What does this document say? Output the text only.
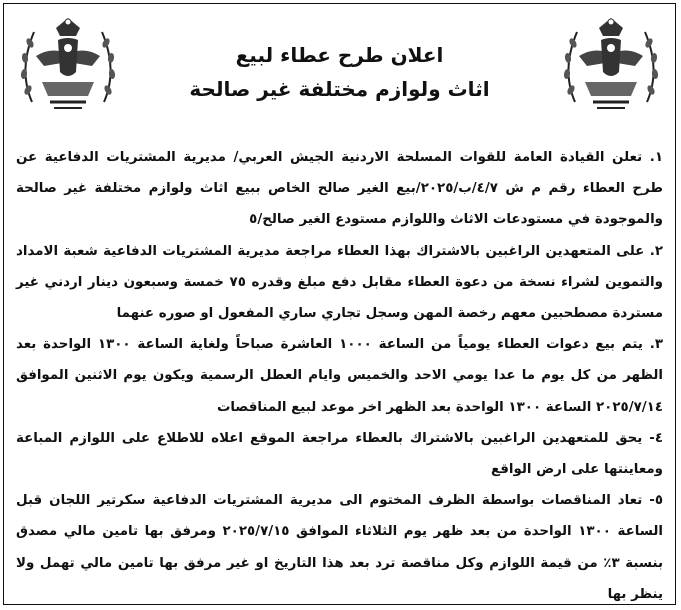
اعلان طرح عطاء لبيع
اثاث ولوازم مختلفة غير صالحة

١. تعلن القيادة العامة للقوات المسلحة الاردنية الجيش العربي/ مديرية المشتريات الدفاعية عن طرح العطاء رقم م ش ٤/٧/ب/٢٠٢٥/بيع الغير صالح الخاص ببيع اثاث ولوازم مختلفة غير صالحة والموجودة في مستودعات الاثاث واللوازم مستودع الغير صالح/٥

٢. على المتعهدين الراغبين بالاشتراك بهذا العطاء مراجعة مديرية المشتريات الدفاعية شعبة الامداد والتموين لشراء نسخة من دعوة العطاء مقابل دفع مبلغ وقدره ٧٥ خمسة وسبعون دينار اردني غير مستردة مصطحبين معهم رخصة المهن وسجل تجاري ساري المفعول او صوره عنهما

٣. يتم بيع دعوات العطاء يومياً من الساعة ١٠٠٠ العاشرة صباحاً ولغاية الساعة ١٣٠٠ الواحدة بعد الظهر من كل يوم ما عدا يومي الاحد والخميس وايام العطل الرسمية ويكون يوم الاثنين الموافق ٢٠٢٥/٧/١٤ الساعة ١٣٠٠ الواحدة بعد الظهر اخر موعد لبيع المناقصات

٤- يحق للمتعهدين الراغبين بالاشتراك بالعطاء مراجعة الموقع اعلاه للاطلاع على اللوازم المباعة ومعاينتها على ارض الواقع

٥- تعاد المناقصات بواسطة الظرف المختوم الى مديرية المشتريات الدفاعية سكرتير اللجان قبل الساعة ١٣٠٠ الواحدة من بعد ظهر يوم الثلاثاء الموافق ٢٠٢٥/٧/١٥ ومرفق بها تامين مالي مصدق بنسبة ٣٪ من قيمة اللوازم وكل مناقصة ترد بعد هذا التاريخ او غير مرفق بها تامين مالي تهمل ولا ينظر بها
